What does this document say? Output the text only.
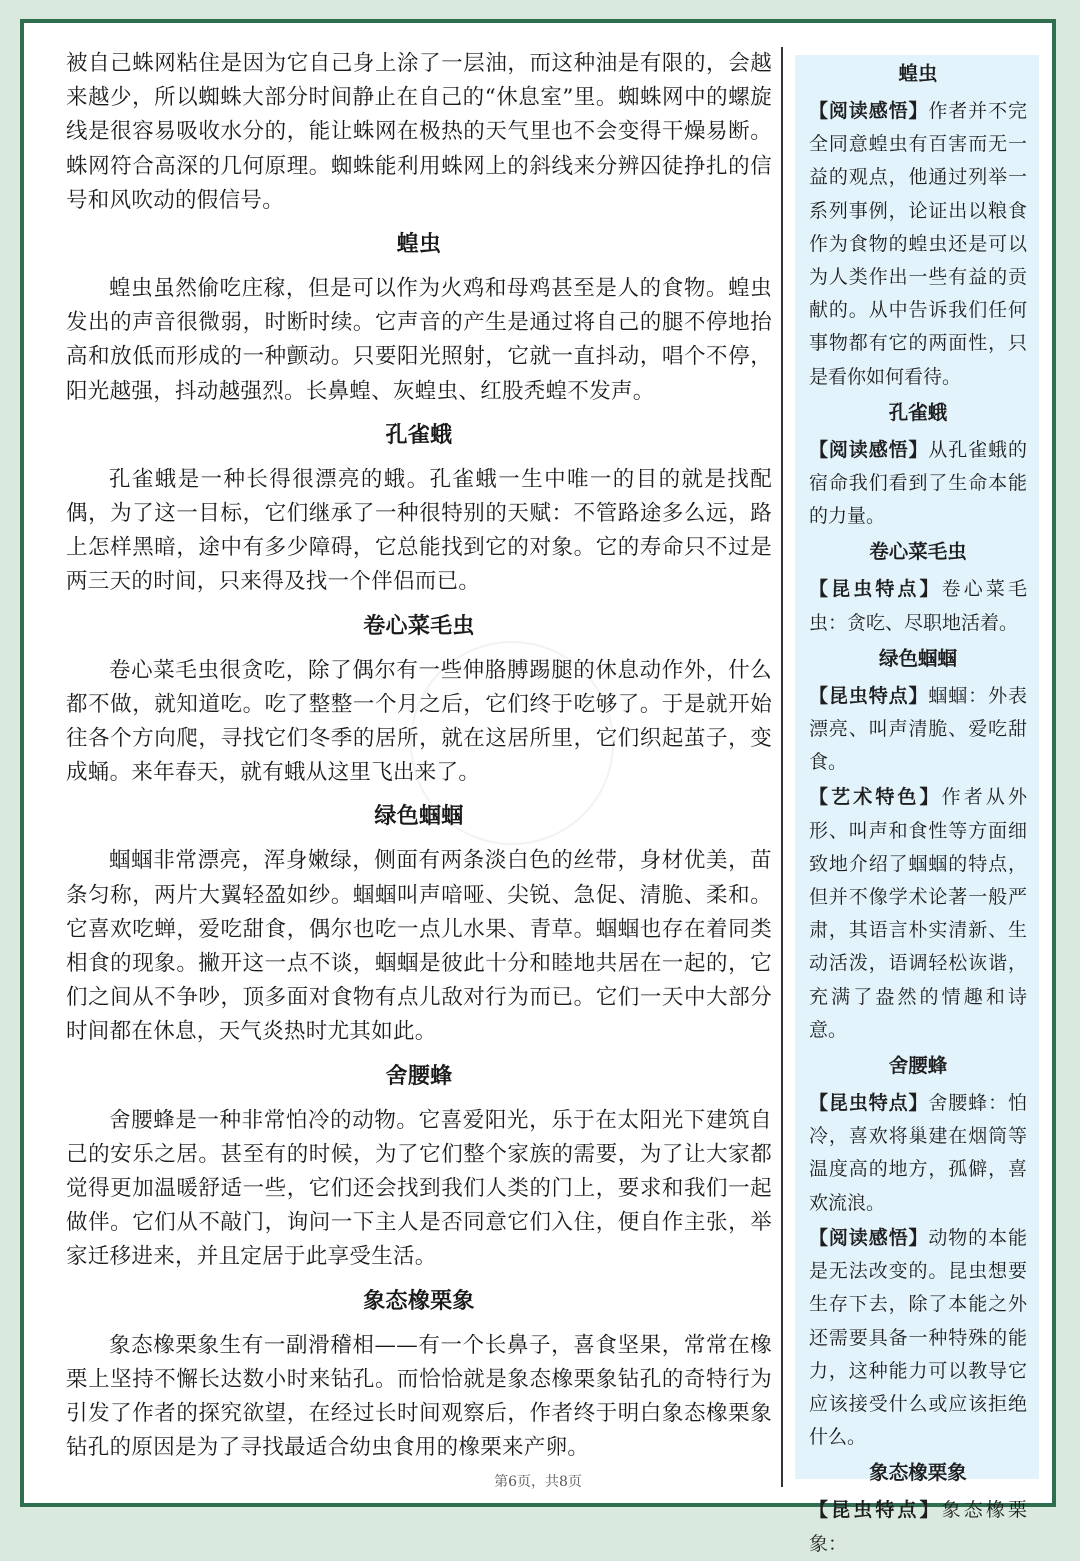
被自己蛛网粘住是因为它自己身上涂了一层油，而这种油是有限的，会越来越少，所以蜘蛛大部分时间静止在自己的“休息室”里。蜘蛛网中的螺旋线是很容易吸收水分的，能让蛛网在极热的天气里也不会变得干燥易断。蛛网符合高深的几何原理。蜘蛛能利用蛛网上的斜线来分辨囚徒挣扎的信号和风吹动的假信号。

蝗虫

蝗虫虽然偷吃庄稼，但是可以作为火鸡和母鸡甚至是人的食物。蝗虫发出的声音很微弱，时断时续。它声音的产生是通过将自己的腿不停地抬高和放低而形成的一种颤动。只要阳光照射，它就一直抖动，唱个不停，阳光越强，抖动越强烈。长鼻蝗、灰蝗虫、红股秃蝗不发声。

孔雀蛾

孔雀蛾是一种长得很漂亮的蛾。孔雀蛾一生中唯一的目的就是找配偶，为了这一目标，它们继承了一种很特别的天赋：不管路途多么远，路上怎样黑暗，途中有多少障碍，它总能找到它的对象。它的寿命只不过是两三天的时间，只来得及找一个伴侣而已。

卷心菜毛虫

卷心菜毛虫很贪吃，除了偶尔有一些伸胳膊踢腿的休息动作外，什么都不做，就知道吃。吃了整整一个月之后，它们终于吃够了。于是就开始往各个方向爬，寻找它们冬季的居所，就在这居所里，它们织起茧子，变成蛹。来年春天，就有蛾从这里飞出来了。

绿色蝈蝈

蝈蝈非常漂亮，浑身嫩绿，侧面有两条淡白色的丝带，身材优美，苗条匀称，两片大翼轻盈如纱。蝈蝈叫声喑哑、尖锐、急促、清脆、柔和。它喜欢吃蝉，爱吃甜食，偶尔也吃一点儿水果、青草。蝈蝈也存在着同类相食的现象。撇开这一点不谈，蝈蝈是彼此十分和睦地共居在一起的，它们之间从不争吵，顶多面对食物有点儿敌对行为而已。它们一天中大部分时间都在休息，天气炎热时尤其如此。

舍腰蜂

舍腰蜂是一种非常怕冷的动物。它喜爱阳光，乐于在太阳光下建筑自己的安乐之居。甚至有的时候，为了它们整个家族的需要，为了让大家都觉得更加温暖舒适一些，它们还会找到我们人类的门上，要求和我们一起做伴。它们从不敲门，询问一下主人是否同意它们入住，便自作主张，举家迁移进来，并且定居于此享受生活。

象态橡栗象

象态橡栗象生有一副滑稽相——有一个长鼻子，喜食坚果，常常在橡栗上坚持不懈长达数小时来钻孔。而恰恰就是象态橡栗象钻孔的奇特行为引发了作者的探究欲望，在经过长时间观察后，作者终于明白象态橡栗象钻孔的原因是为了寻找最适合幼虫食用的橡栗来产卵。

蝗虫

【阅读感悟】作者并不完全同意蝗虫有百害而无一益的观点，他通过列举一系列事例，论证出以粮食作为食物的蝗虫还是可以为人类作出一些有益的贡献的。从中告诉我们任何事物都有它的两面性，只是看你如何看待。

孔雀蛾

【阅读感悟】从孔雀蛾的宿命我们看到了生命本能的力量。

卷心菜毛虫

【昆虫特点】卷心菜毛虫：贪吃、尽职地活着。

绿色蝈蝈

【昆虫特点】蝈蝈：外表漂亮、叫声清脆、爱吃甜食。

【艺术特色】作者从外形、叫声和食性等方面细致地介绍了蝈蝈的特点，但并不像学术论著一般严肃，其语言朴实清新、生动活泼，语调轻松诙谐，充满了盎然的情趣和诗意。

舍腰蜂

【昆虫特点】舍腰蜂：怕冷，喜欢将巢建在烟筒等温度高的地方，孤僻，喜欢流浪。

【阅读感悟】动物的本能是无法改变的。昆虫想要生存下去，除了本能之外还需要具备一种特殊的能力，这种能力可以教导它应该接受什么或应该拒绝什么。

象态橡栗象

【昆虫特点】象态橡栗象：

第6页，共8页
